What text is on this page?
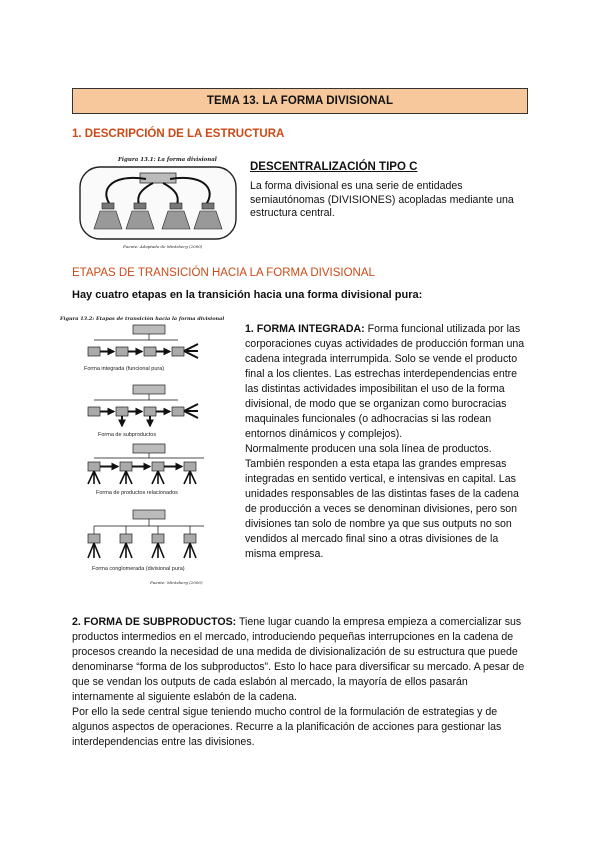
TEMA 13. LA FORMA DIVISIONAL
1. DESCRIPCIÓN DE LA ESTRUCTURA
Figura 13.1: La forma divisional
Fuente: Adaptado de Mintzberg (2000)
DESCENTRALIZACIÓN TIPO C

La forma divisional es una serie de entidades semiautónomas (DIVISIONES) acopladas mediante una estructura central.

ETAPAS DE TRANSICIÓN HACIA LA FORMA DIVISIONAL
Hay cuatro etapas en la transición hacia una forma divisional pura:
Figura 13.2: Etapas de transición hacia la forma divisional
Forma integrada (funcional pura)
Forma de subproductos
Forma de productos relacionados
Forma conglomerada (divisional pura)
Fuente: Mintzberg (2000)

1. FORMA INTEGRADA: Forma funcional utilizada por las corporaciones cuyas actividades de producción forman una cadena integrada interrumpida. Solo se vende el producto final a los clientes. Las estrechas interdependencias entre las distintas actividades imposibilitan el uso de la forma divisional, de modo que se organizan como burocracias maquinales funcionales (o adhocracias si las rodean entornos dinámicos y complejos).
Normalmente producen una sola línea de productos. También responden a esta etapa las grandes empresas integradas en sentido vertical, e intensivas en capital. Las unidades responsables de las distintas fases de la cadena de producción a veces se denominan divisiones, pero son divisiones tan solo de nombre ya que sus outputs no son vendidos al mercado final sino a otras divisiones de la misma empresa.

2. FORMA DE SUBPRODUCTOS: Tiene lugar cuando la empresa empieza a comercializar sus productos intermedios en el mercado, introduciendo pequeñas interrupciones en la cadena de procesos creando la necesidad de una medida de divisionalización de su estructura que puede denominarse “forma de los subproductos”. Esto lo hace para diversificar su mercado. A pesar de que se vendan los outputs de cada eslabón al mercado, la mayoría de ellos pasarán internamente al siguiente eslabón de la cadena.
Por ello la sede central sigue teniendo mucho control de la formulación de estrategias y de algunos aspectos de operaciones. Recurre a la planificación de acciones para gestionar las interdependencias entre las divisiones.
